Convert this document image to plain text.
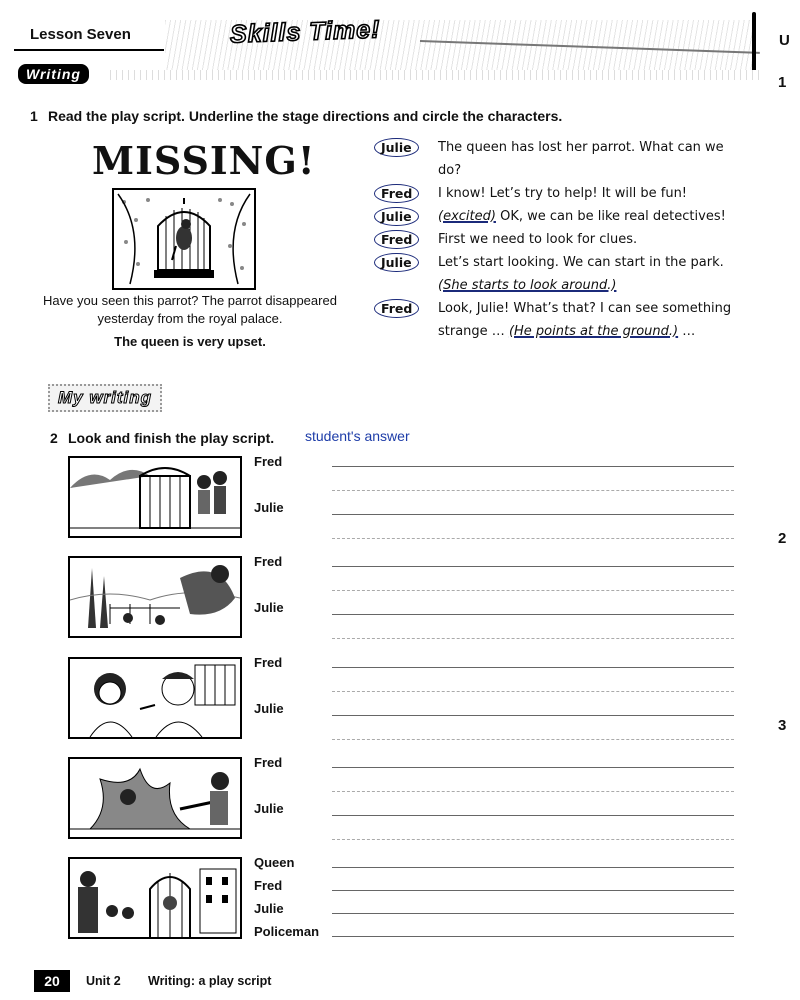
Lesson Seven	Skills Time!	U
1
2
3
Writing
1 Read the play script. Underline the stage directions and circle the characters.
MISSING!
Have you seen this parrot? The parrot disappeared yesterday from the royal palace.
The queen is very upset.
Julie	The queen has lost her parrot. What can we do?
Fred	I know! Let’s try to help! It will be fun!
Julie	(excited) OK, we can be like real detectives!
Fred	First we need to look for clues.
Julie	Let’s start looking. We can start in the park. (She starts to look around.)
Fred	Look, Julie! What’s that? I can see something strange … (He points at the ground.) …
My writing
2 Look and finish the play script. student's answer
Fred
Julie
Fred
Julie
Fred
Julie
Fred
Julie
Queen
Fred
Julie
Policeman
20	Unit 2 Writing: a play script
